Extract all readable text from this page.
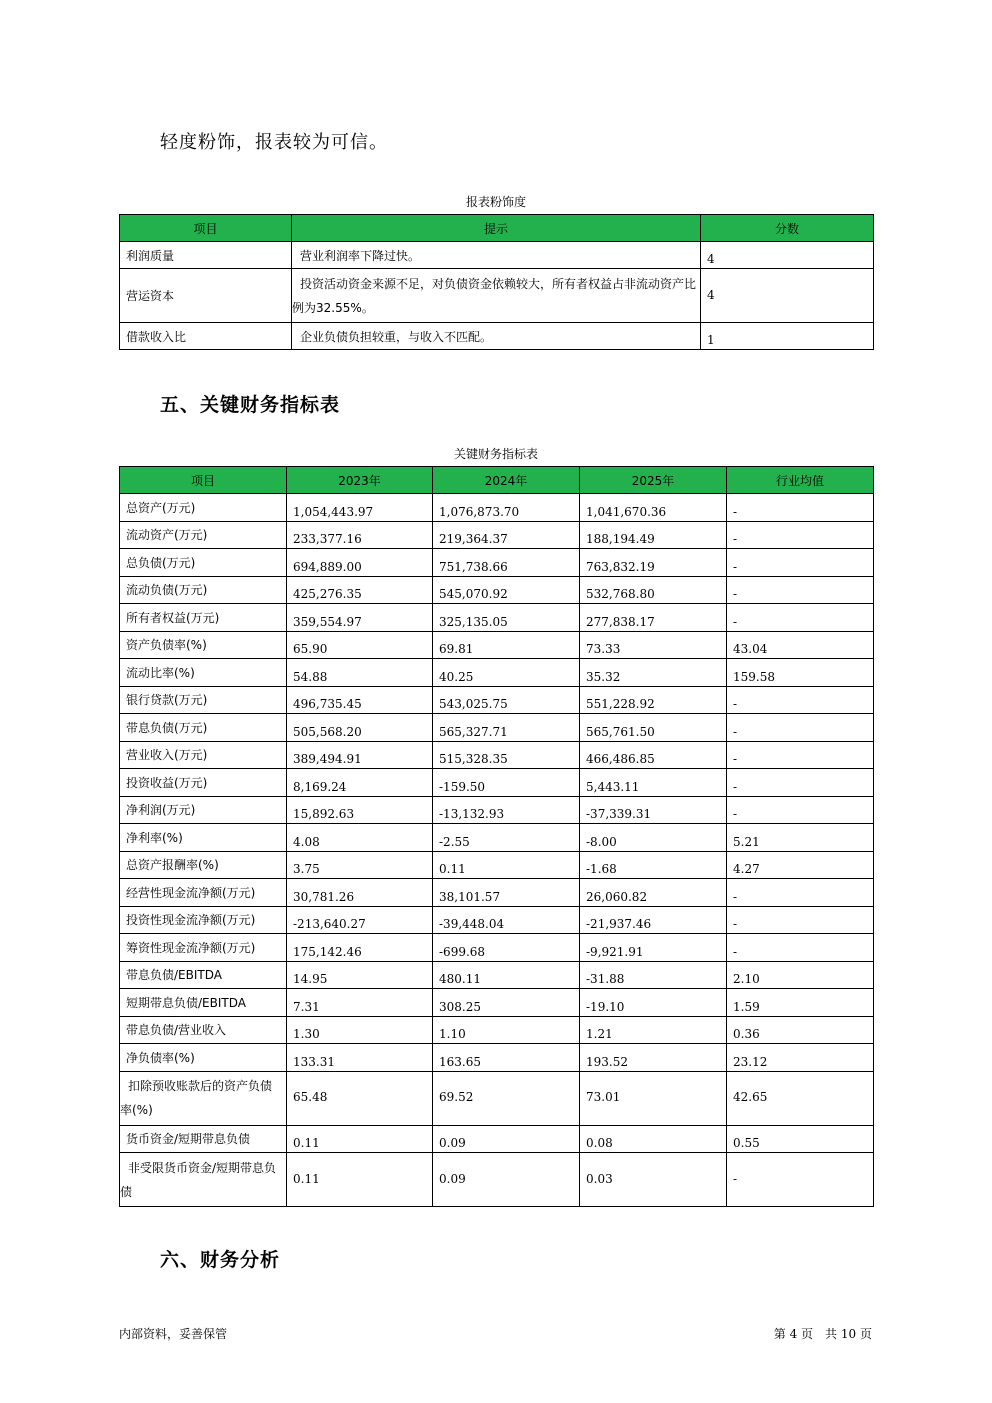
轻度粉饰，报表较为可信。
报表粉饰度
项目	提示	分数
利润质量	营业利润率下降过快。	4
营运资本	投资活动资金来源不足，对负债资金依赖较大，所有者权益占非流动资产比例为32.55%。	4
借款收入比	企业负债负担较重，与收入不匹配。	1
五、关键财务指标表
关键财务指标表
项目	2023年	2024年	2025年	行业均值
总资产(万元)	1,054,443.97	1,076,873.70	1,041,670.36	-
流动资产(万元)	233,377.16	219,364.37	188,194.49	-
总负债(万元)	694,889.00	751,738.66	763,832.19	-
流动负债(万元)	425,276.35	545,070.92	532,768.80	-
所有者权益(万元)	359,554.97	325,135.05	277,838.17	-
资产负债率(%)	65.90	69.81	73.33	43.04
流动比率(%)	54.88	40.25	35.32	159.58
银行贷款(万元)	496,735.45	543,025.75	551,228.92	-
带息负债(万元)	505,568.20	565,327.71	565,761.50	-
营业收入(万元)	389,494.91	515,328.35	466,486.85	-
投资收益(万元)	8,169.24	-159.50	5,443.11	-
净利润(万元)	15,892.63	-13,132.93	-37,339.31	-
净利率(%)	4.08	-2.55	-8.00	5.21
总资产报酬率(%)	3.75	0.11	-1.68	4.27
经营性现金流净额(万元)	30,781.26	38,101.57	26,060.82	-
投资性现金流净额(万元)	-213,640.27	-39,448.04	-21,937.46	-
筹资性现金流净额(万元)	175,142.46	-699.68	-9,921.91	-
带息负债/EBITDA	14.95	480.11	-31.88	2.10
短期带息负债/EBITDA	7.31	308.25	-19.10	1.59
带息负债/营业收入	1.30	1.10	1.21	0.36
净负债率(%)	133.31	163.65	193.52	23.12
扣除预收账款后的资产负债率(%)	65.48	69.52	73.01	42.65
货币资金/短期带息负债	0.11	0.09	0.08	0.55
非受限货币资金/短期带息负债	0.11	0.09	0.03	-
六、财务分析
内部资料，妥善保管	第 4 页　共 10 页
